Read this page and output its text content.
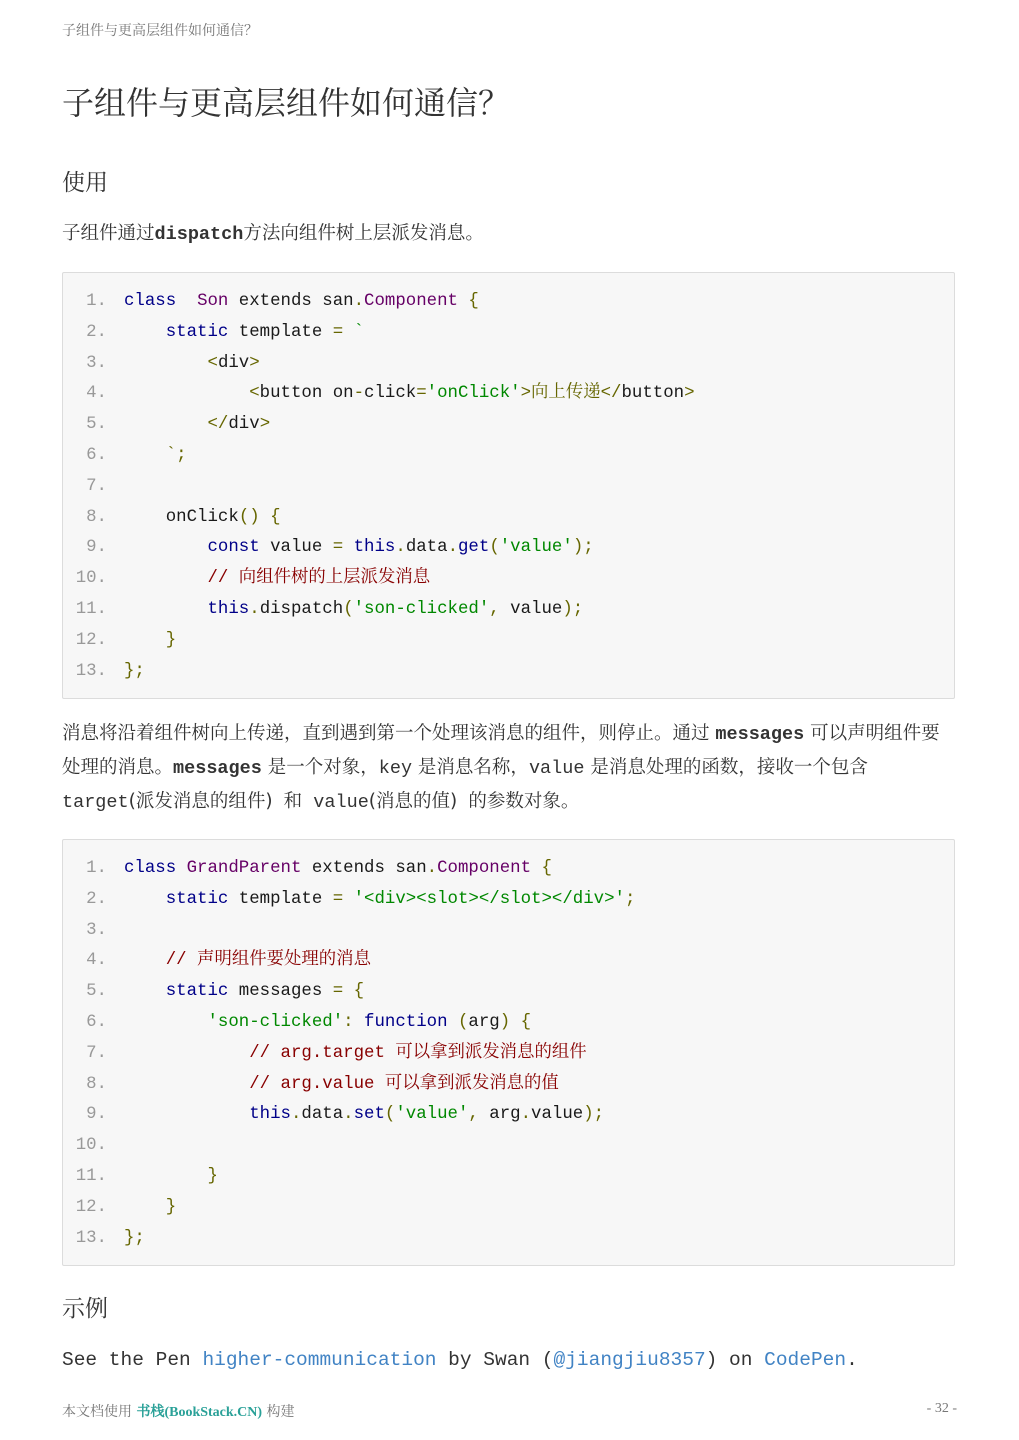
子组件与更高层组件如何通信？
子组件与更高层组件如何通信？
使用

子组件通过dispatch方法向组件树上层派发消息。

1. class Son extends san.Component {
2.	static template = `
3.	<div>
4.	<button on-click='onClick'>向上传递</button>
5.	</div>
6.	`;
7.
8. onClick() {
9.	const value = this.data.get('value');
10.	// 向组件树的上层派发消息
11.	this.dispatch('son-clicked', value);
12.	}
13. };

消息将沿着组件树向上传递，直到遇到第一个处理该消息的组件，则停止。通过 messages 可以声明组件要处理的消息。messages 是一个对象，key 是消息名称，value 是消息处理的函数，接收一个包含 target(派发消息的组件) 和 value(消息的值) 的参数对象。

1. class GrandParent extends san.Component {
2.	static template = '<div><slot></slot></div>';
3.
4.	// 声明组件要处理的消息
5.	static messages = {
6.	'son-clicked': function (arg) {
7.	// arg.target 可以拿到派发消息的组件
8.	// arg.value 可以拿到派发消息的值
9.	this.data.set('value', arg.value);
10.
11.	}
12.	}
13. };
示例

See the Pen higher-communication by Swan (@jiangjiu8357) on CodePen.

本文档使用 书栈(BookStack.CN) 构建	- 32 -
